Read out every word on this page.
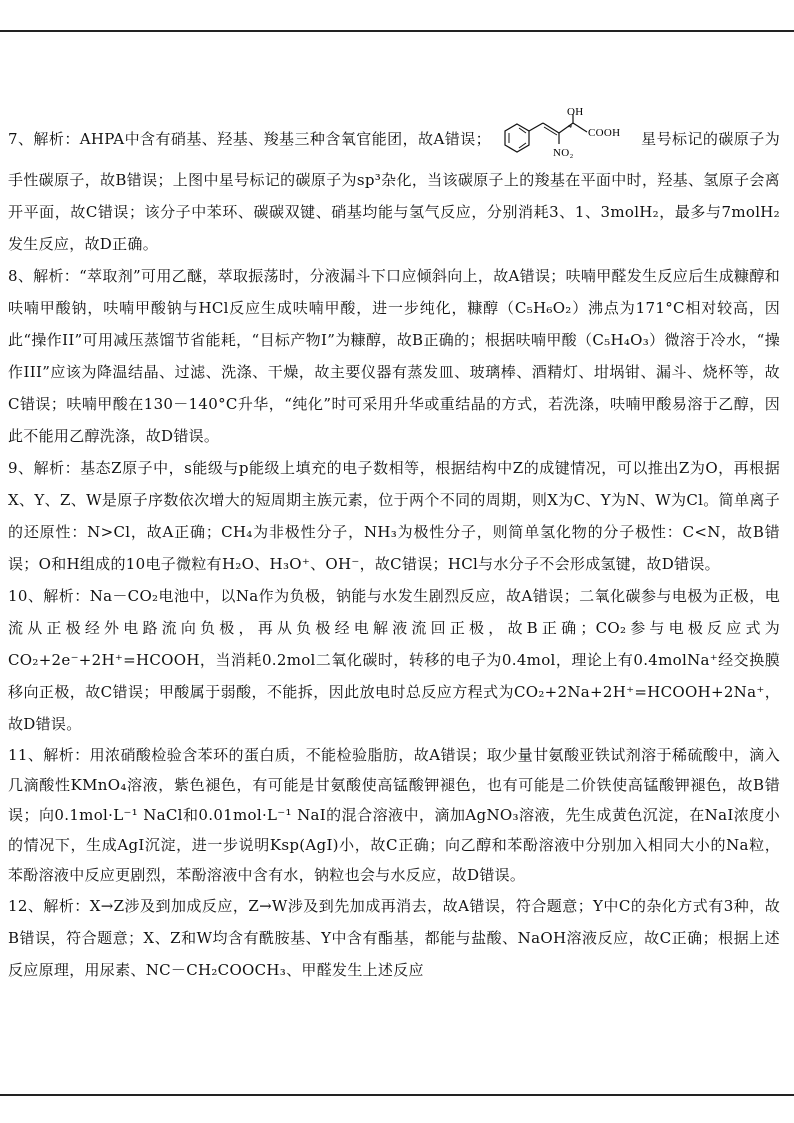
7、解析：AHPA中含有硝基、羟基、羧基三种含氧官能团，故A错误；
OH
* COOH
NO₂
星号标记的碳原子为手性碳原子，故B错误；上图中星号标记的碳原子为sp³杂化，当该碳原子上的羧基在平面中时，羟基、氢原子会离开平面，故C错误；该分子中苯环、碳碳双键、硝基均能与氢气反应，分别消耗3、1、3molH₂，最多与7molH₂发生反应，故D正确。

8、解析：“萃取剂”可用乙醚，萃取振荡时，分液漏斗下口应倾斜向上，故A错误；呋喃甲醛发生反应后生成糠醇和呋喃甲酸钠，呋喃甲酸钠与HCl反应生成呋喃甲酸，进一步纯化，糠醇（C₅H₆O₂）沸点为171°C相对较高，因此“操作II”可用减压蒸馏节省能耗，“目标产物I”为糠醇，故B正确的；根据呋喃甲酸（C₅H₄O₃）微溶于冷水，“操作III”应该为降温结晶、过滤、洗涤、干燥，故主要仪器有蒸发皿、玻璃棒、酒精灯、坩埚钳、漏斗、烧杯等，故C错误；呋喃甲酸在130－140°C升华，“纯化”时可采用升华或重结晶的方式，若洗涤，呋喃甲酸易溶于乙醇，因此不能用乙醇洗涤，故D错误。

9、解析：基态Z原子中，s能级与p能级上填充的电子数相等，根据结构中Z的成键情况，可以推出Z为O，再根据X、Y、Z、W是原子序数依次增大的短周期主族元素，位于两个不同的周期，则X为C、Y为N、W为Cl。简单离子的还原性：N>Cl，故A正确；CH₄为非极性分子，NH₃为极性分子，则简单氢化物的分子极性：C<N，故B错误；O和H组成的10电子微粒有H₂O、H₃O⁺、OH⁻，故C错误；HCl与水分子不会形成氢键，故D错误。

10、解析：Na－CO₂电池中，以Na作为负极，钠能与水发生剧烈反应，故A错误；二氧化碳参与电极为正极，电流从正极经外电路流向负极，再从负极经电解液流回正极，故B正确；CO₂参与电极反应式为CO₂+2e⁻+2H⁺=HCOOH，当消耗0.2mol二氧化碳时，转移的电子为0.4mol，理论上有0.4molNa⁺经交换膜移向正极，故C错误；甲酸属于弱酸，不能拆，因此放电时总反应方程式为CO₂+2Na+2H⁺=HCOOH+2Na⁺，故D错误。

11、解析：用浓硝酸检验含苯环的蛋白质，不能检验脂肪，故A错误；取少量甘氨酸亚铁试剂溶于稀硫酸中，滴入几滴酸性KMnO₄溶液，紫色褪色，有可能是甘氨酸使高锰酸钾褪色，也有可能是二价铁使高锰酸钾褪色，故B错误；向0.1mol·L⁻¹ NaCl和0.01mol·L⁻¹ NaI的混合溶液中，滴加AgNO₃溶液，先生成黄色沉淀，在NaI浓度小的情况下，生成AgI沉淀，进一步说明Ksp(AgI)小，故C正确；向乙醇和苯酚溶液中分别加入相同大小的Na粒，苯酚溶液中反应更剧烈，苯酚溶液中含有水，钠粒也会与水反应，故D错误。

12、解析：X→Z涉及到加成反应，Z→W涉及到先加成再消去，故A错误，符合题意；Y中C的杂化方式有3种，故B错误，符合题意；X、Z和W均含有酰胺基、Y中含有酯基，都能与盐酸、NaOH溶液反应，故C正确；根据上述反应原理，用尿素、NC－CH₂COOCH₃、甲醛发生上述反应
